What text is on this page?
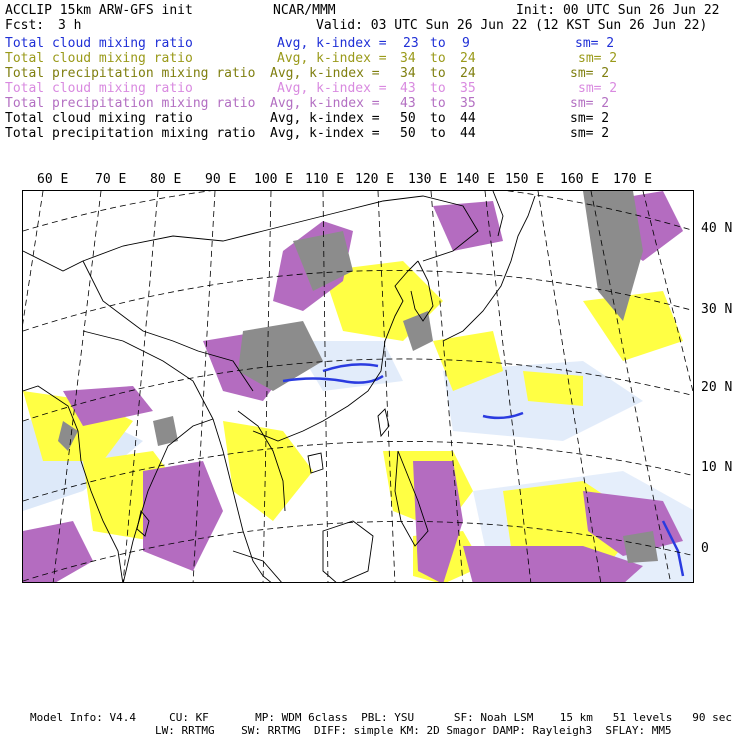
ACCLIP 15km ARW-GFS init	NCAR/MMM	Init: 00 UTC Sun 26 Jun 22
Fcst: 3 h	Valid: 03 UTC Sun 26 Jun 22 (12 KST Sun 26 Jun 22)
Total cloud mixing ratio	Avg, k-index = 23 to 9	sm= 2
Total cloud mixing ratio	Avg, k-index = 34 to 24	sm= 2
Total precipitation mixing ratio Avg, k-index = 34 to 24	sm= 2
Total cloud mixing ratio	Avg, k-index = 43 to 35	sm= 2
Total precipitation mixing ratio Avg, k-index = 43 to 35	sm= 2
Total cloud mixing ratio	Avg, k-index = 50 to 44	sm= 2
Total precipitation mixing ratio Avg, k-index = 50 to 44	sm= 2
60 E 70 E 80 E 90 E 100 E 110 E 120 E 130 E 140 E 150 E 160 E 170 E
40 N
30 N
20 N
10 N
0
Model Info: V4.4     CU: KF       MP: WDM 6class  PBL: YSU      SF: Noah LSM    15 km   51 levels   90 sec
LW: RRTMG    SW: RRTMG  DIFF: simple KM: 2D Smagor DAMP: Rayleigh3  SFLAY: MM5
